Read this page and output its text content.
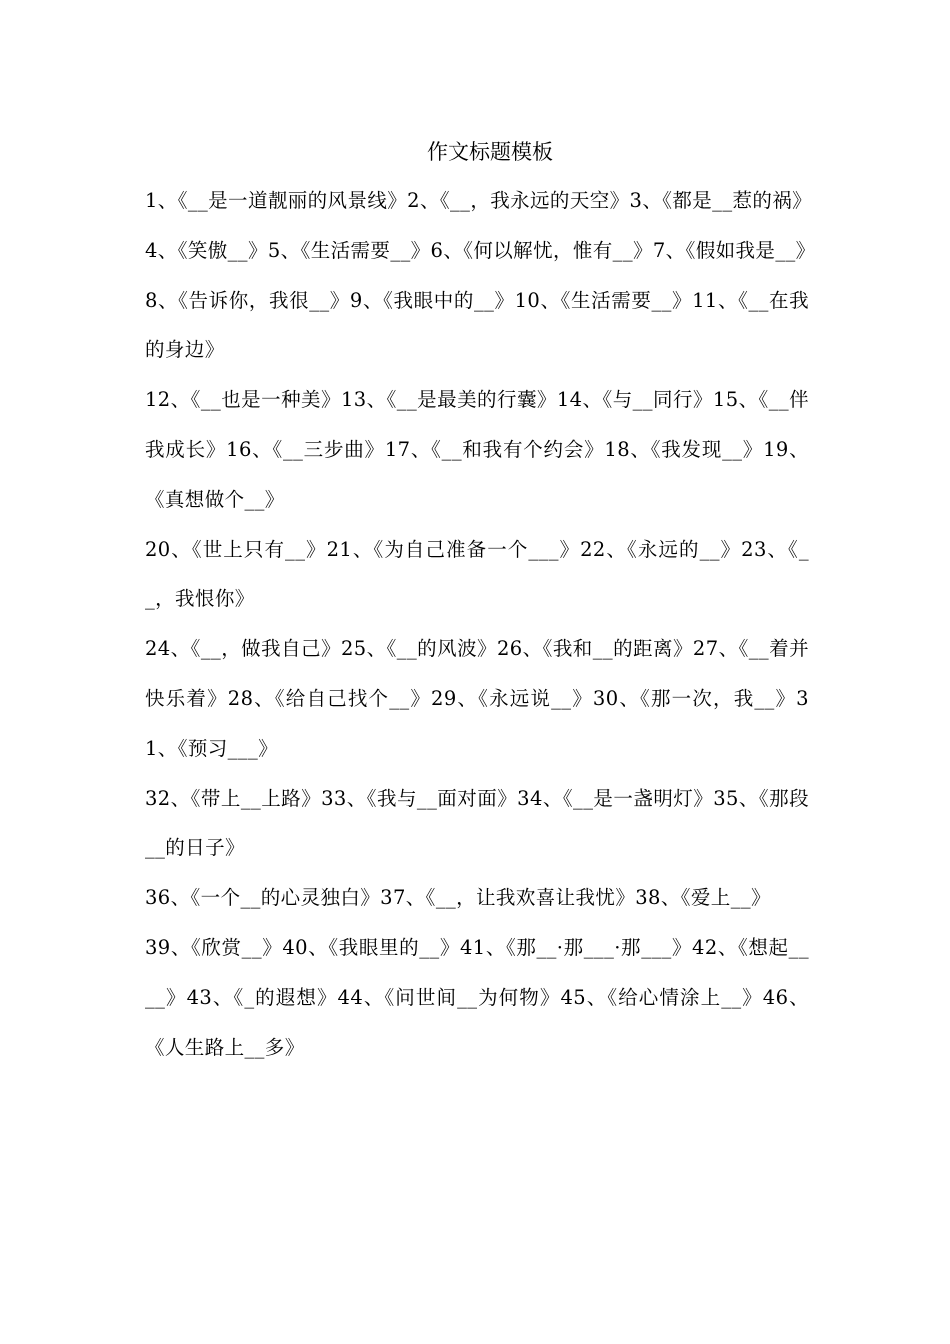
作文标题模板

1、《__是一道靓丽的风景线》2、《__，我永远的天空》3、《都是__惹的祸》

4、《笑傲__》5、《生活需要__》6、《何以解忧，惟有__》7、《假如我是__》

8、《告诉你，我很__》9、《我眼中的__》10、《生活需要__》11、《__在我的身边》

12、《__也是一种美》13、《__是最美的行囊》14、《与__同行》15、《__伴我成长》16、《__三步曲》17、《__和我有个约会》18、《我发现__》19、《真想做个__》

20、《世上只有__》21、《为自己准备一个___》22、《永远的__》23、《__，我恨你》

24、《__，做我自己》25、《__的风波》26、《我和__的距离》27、《__着并快乐着》28、《给自己找个__》29、《永远说__》30、《那一次，我__》31、《预习___》

32、《带上__上路》33、《我与__面对面》34、《__是一盏明灯》35、《那段__的日子》

36、《一个__的心灵独白》37、《__，让我欢喜让我忧》38、《爱上__》

39、《欣赏__》40、《我眼里的__》41、《那__·那___·那___》42、《想起____》43、《_的遐想》44、《问世间__为何物》45、《给心情涂上__》46、《人生路上__多》
